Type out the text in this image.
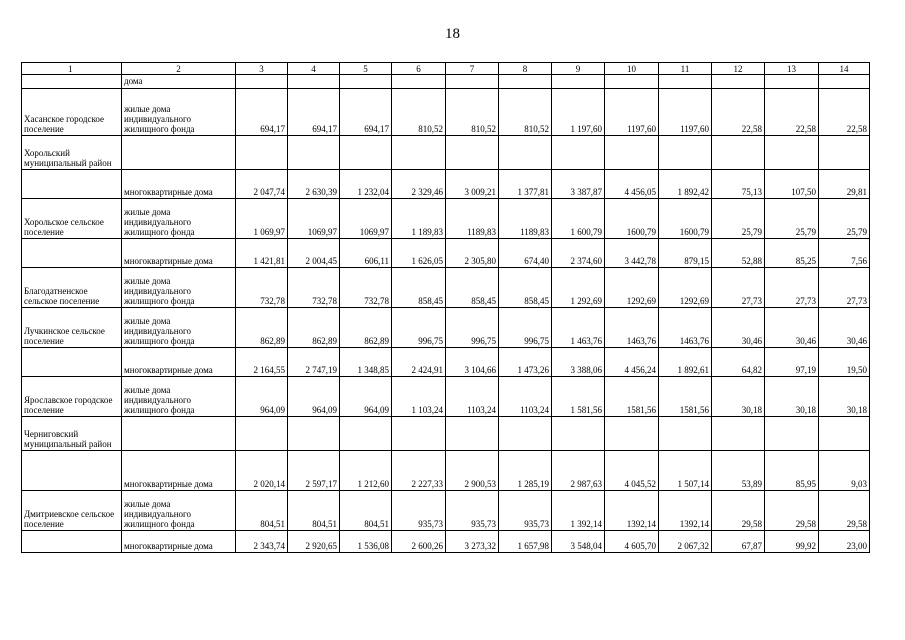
18
1	2	3	4	5	6	7	8	9	10	11	12	13	14
	дома												
Хасанское городское поселение	жилые дома индивидуального жилищного фонда	694,17	694,17	694,17	810,52	810,52	810,52	1 197,60	1197,60	1197,60	22,58	22,58	22,58
Хорольский муниципальный район													
	многоквартирные дома	2 047,74	2 630,39	1 232,04	2 329,46	3 009,21	1 377,81	3 387,87	4 456,05	1 892,42	75,13	107,50	29,81
Хорольское сельское поселение	жилые дома индивидуального жилищного фонда	1 069,97	1069,97	1069,97	1 189,83	1189,83	1189,83	1 600,79	1600,79	1600,79	25,79	25,79	25,79
	многоквартирные дома	1 421,81	2 004,45	606,11	1 626,05	2 305,80	674,40	2 374,60	3 442,78	879,15	52,88	85,25	7,56
Благодатненское сельское поселение	жилые дома индивидуального жилищного фонда	732,78	732,78	732,78	858,45	858,45	858,45	1 292,69	1292,69	1292,69	27,73	27,73	27,73
Лучкинское сельское поселение	жилые дома индивидуального жилищного фонда	862,89	862,89	862,89	996,75	996,75	996,75	1 463,76	1463,76	1463,76	30,46	30,46	30,46
	многоквартирные дома	2 164,55	2 747,19	1 348,85	2 424,91	3 104,66	1 473,26	3 388,06	4 456,24	1 892,61	64,82	97,19	19,50
Ярославское городское поселение	жилые дома индивидуального жилищного фонда	964,09	964,09	964,09	1 103,24	1103,24	1103,24	1 581,56	1581,56	1581,56	30,18	30,18	30,18
Черниговский муниципальный район													
	многоквартирные дома	2 020,14	2 597,17	1 212,60	2 227,33	2 900,53	1 285,19	2 987,63	4 045,52	1 507,14	53,89	85,95	9,03
Дмитриевское сельское поселение	жилые дома индивидуального жилищного фонда	804,51	804,51	804,51	935,73	935,73	935,73	1 392,14	1392,14	1392,14	29,58	29,58	29,58
	многоквартирные дома	2 343,74	2 920,65	1 536,08	2 600,26	3 273,32	1 657,98	3 548,04	4 605,70	2 067,32	67,87	99,92	23,00
